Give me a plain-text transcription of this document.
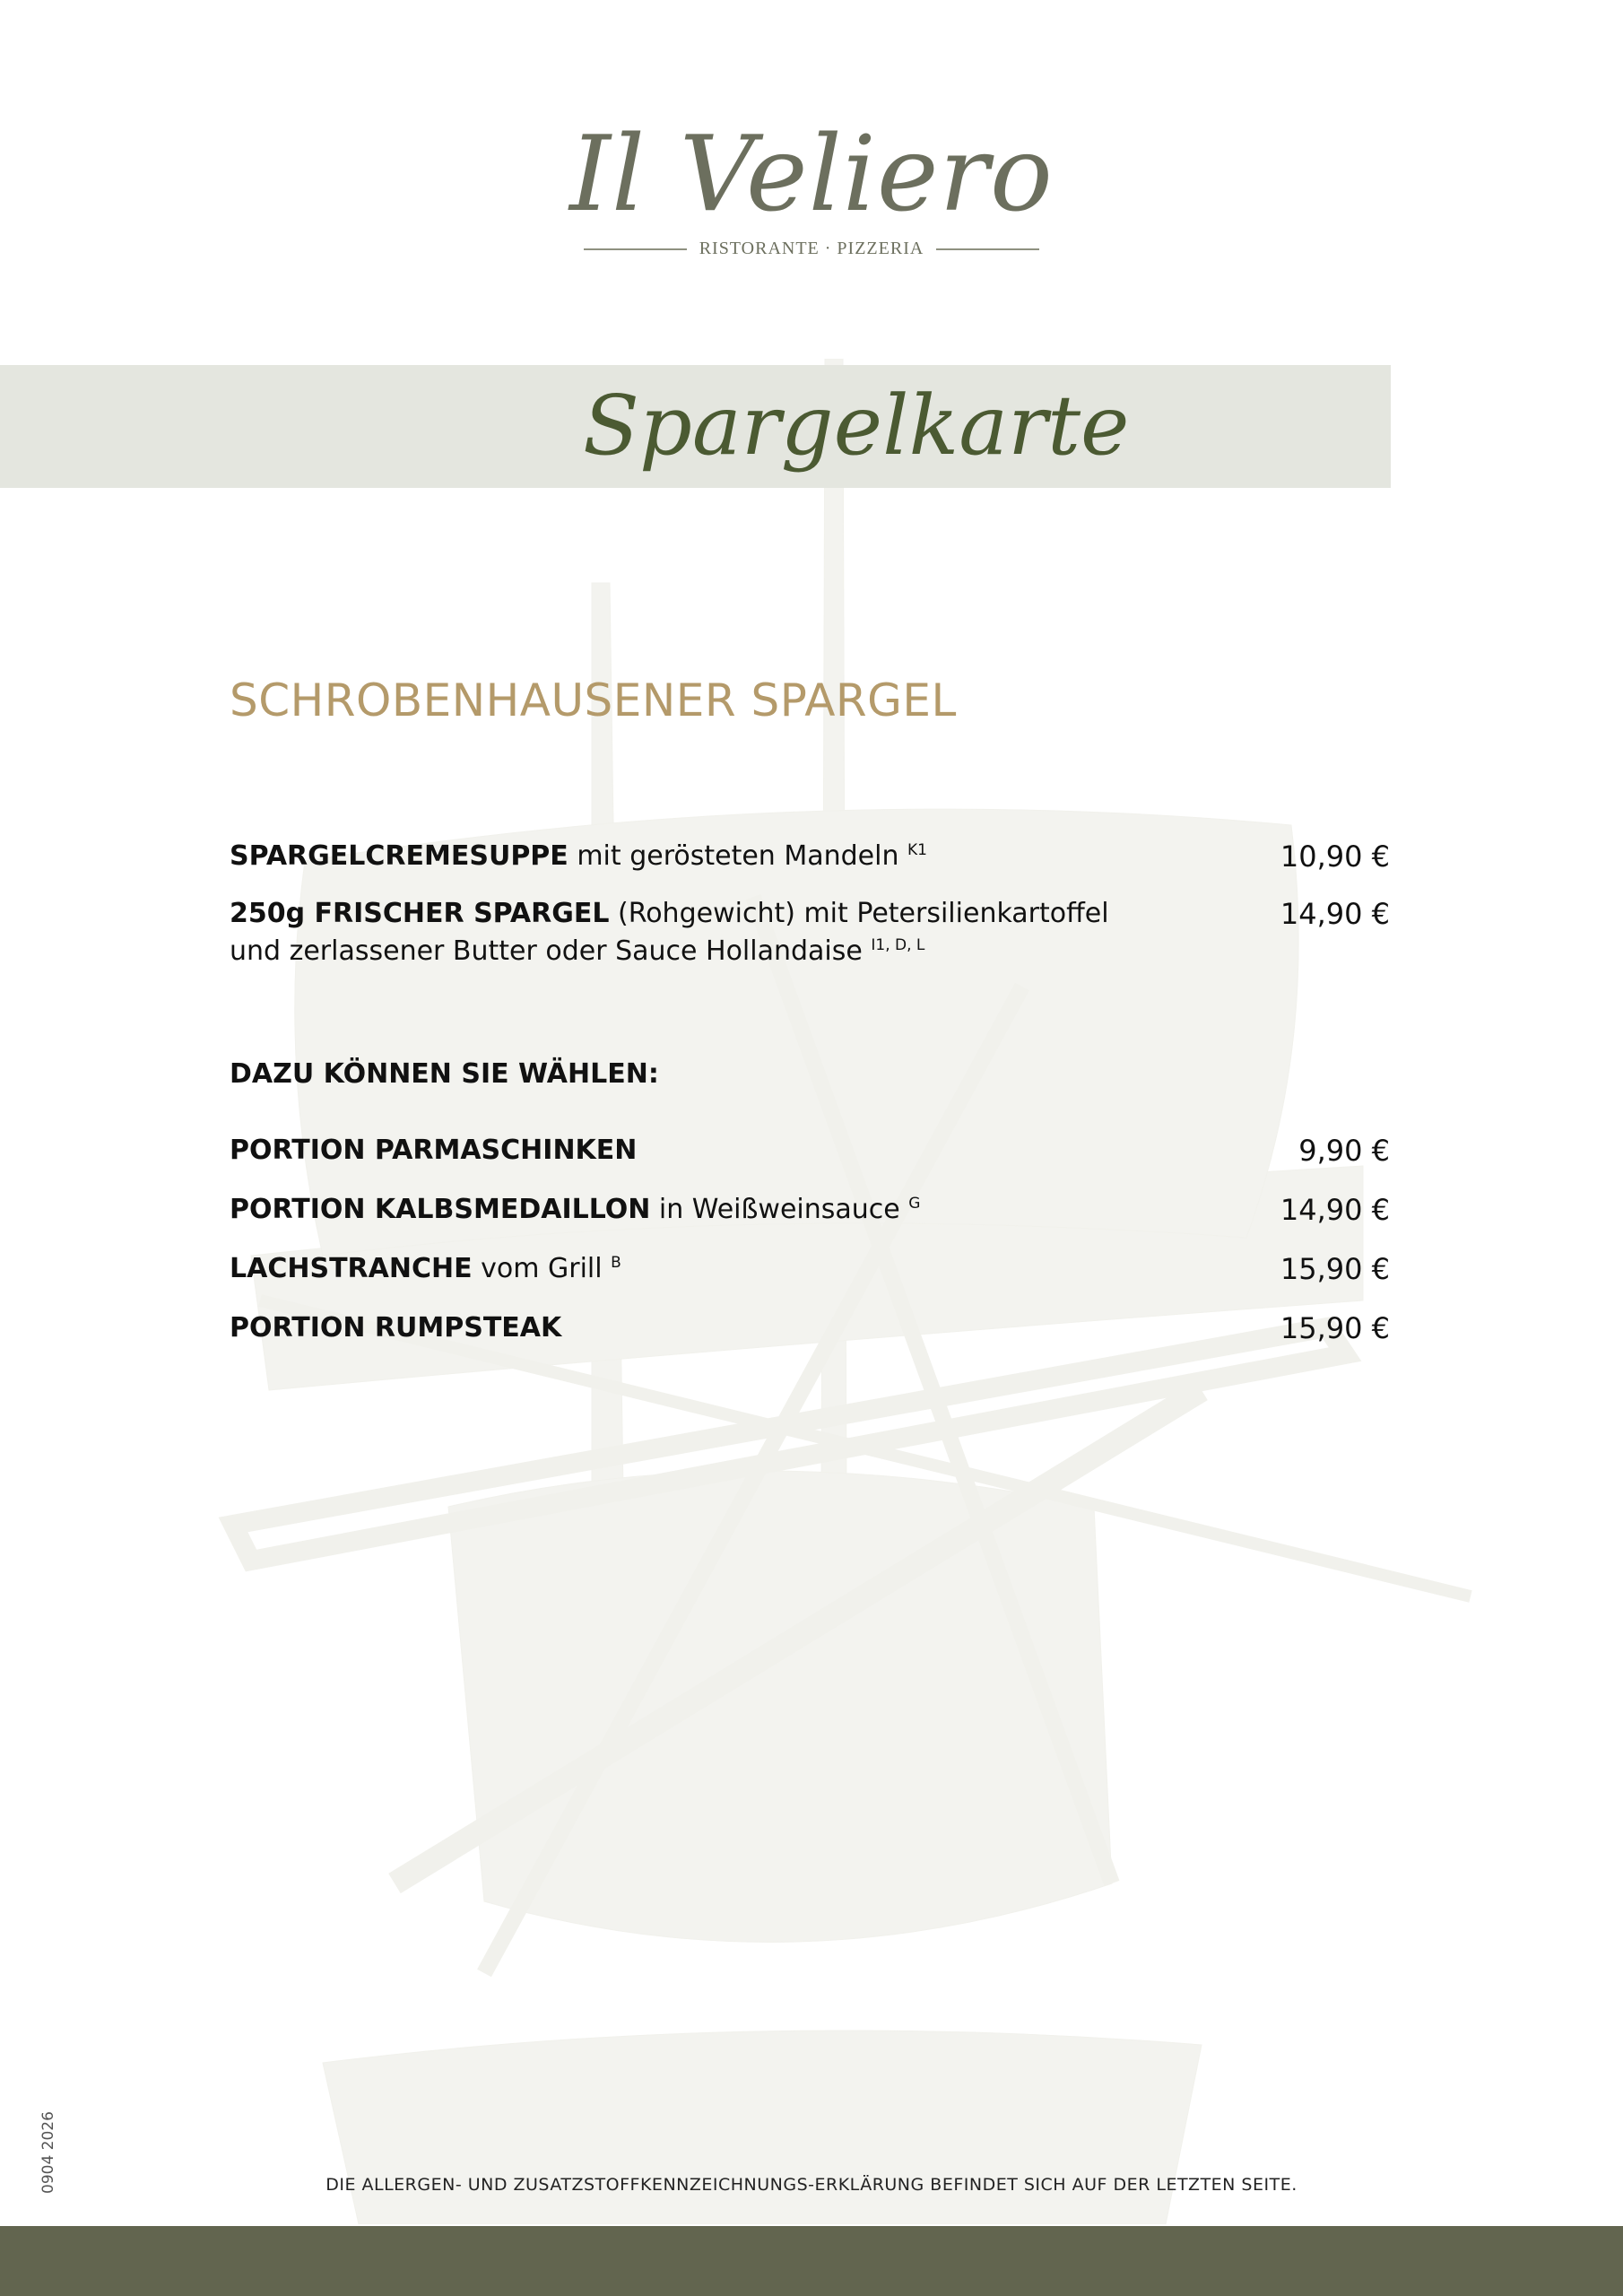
Il Veliero
RISTORANTE · PIZZERIA
Spargelkarte
SCHROBENHAUSENER SPARGEL
SPARGELCREMESUPPE mit gerösteten Mandeln $^{K1}$	10,90 €
250g FRISCHER SPARGEL (Rohgewicht) mit Petersilienkartoffel und zerlassener Butter oder Sauce Hollandaise $^{I1, D, L}$
14,90 €
DAZU KÖNNEN SIE WÄHLEN:
PORTION PARMASCHINKEN	9,90 €
PORTION KALBSMEDAILLON in Weißweinsauce $^G$	14,90 €
LACHSTRANCHE vom Grill $^B$	15,90 €
PORTION RUMPSTEAK	15,90 €
0904 2026	DIE ALLERGEN- UND ZUSATZSTOFFKENNZEICHNUNGS-ERKLÄRUNG BEFINDET SICH AUF DER LETZTEN SEITE.
